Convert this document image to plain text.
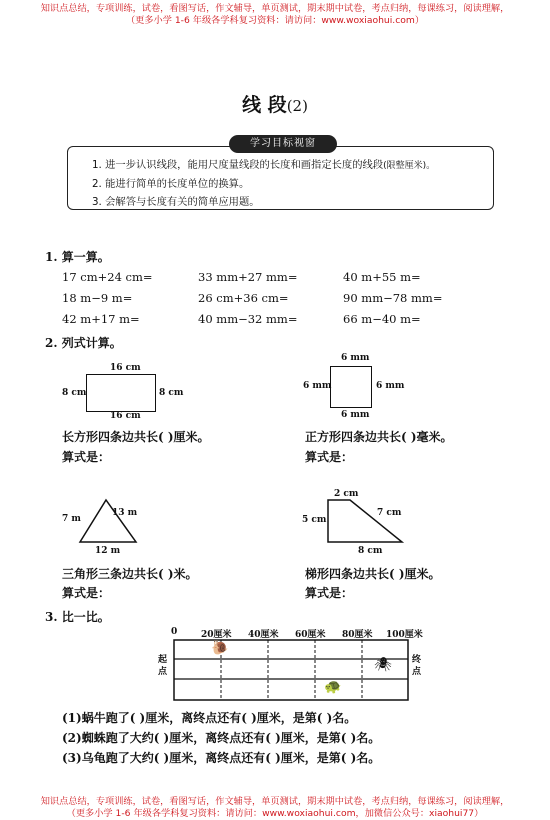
知识点总结，专项训练，试卷，看图写话，作文辅导，单页测试，期末期中试卷，考点归纳，每课练习，阅读理解，
（更多小学 1-6 年级各学科复习资料：请访问：www.woxiaohui.com）
线 段(2)
学习目标视窗
1. 进一步认识线段，能用尺度量线段的长度和画指定长度的线段(限整厘米)。
2. 能进行简单的长度单位的换算。
3. 会解答与长度有关的简单应用题。
1. 算一算。
17 cm+24 cm=	33 mm+27 mm=	40 m+55 m=
18 m−9 m=	26 cm+36 cm=	90 mm−78 mm=
42 m+17 m=	40 mm−32 mm=	66 m−40 m=
2. 列式计算。
16 cm
16 cm
8 cm	8 cm
长方形四条边共长( )厘米。
算式是：
6 mm
6 mm
6 mm	6 mm
正方形四条边共长( )毫米。
算式是：
7 m
13 m
12 m
三角形三条边共长( )米。
算式是：
2 cm
5 cm
7 cm
8 cm
梯形四条边共长( )厘米。
算式是：
3. 比一比。
0	20厘米 40厘米 60厘米 80厘米 100厘米
起点
终点
🐌
🕷
🐢
(1)蜗牛跑了( )厘米，离终点还有( )厘米，是第( )名。
(2)蜘蛛跑了大约( )厘米，离终点还有( )厘米，是第( )名。
(3)乌龟跑了大约( )厘米，离终点还有( )厘米，是第( )名。
知识点总结，专项训练，试卷，看图写话，作文辅导，单页测试，期末期中试卷，考点归纳，每课练习，阅读理解，
（更多小学 1-6 年级各学科复习资料：请访问：www.woxiaohui.com，加微信公众号：xiaohui77）
